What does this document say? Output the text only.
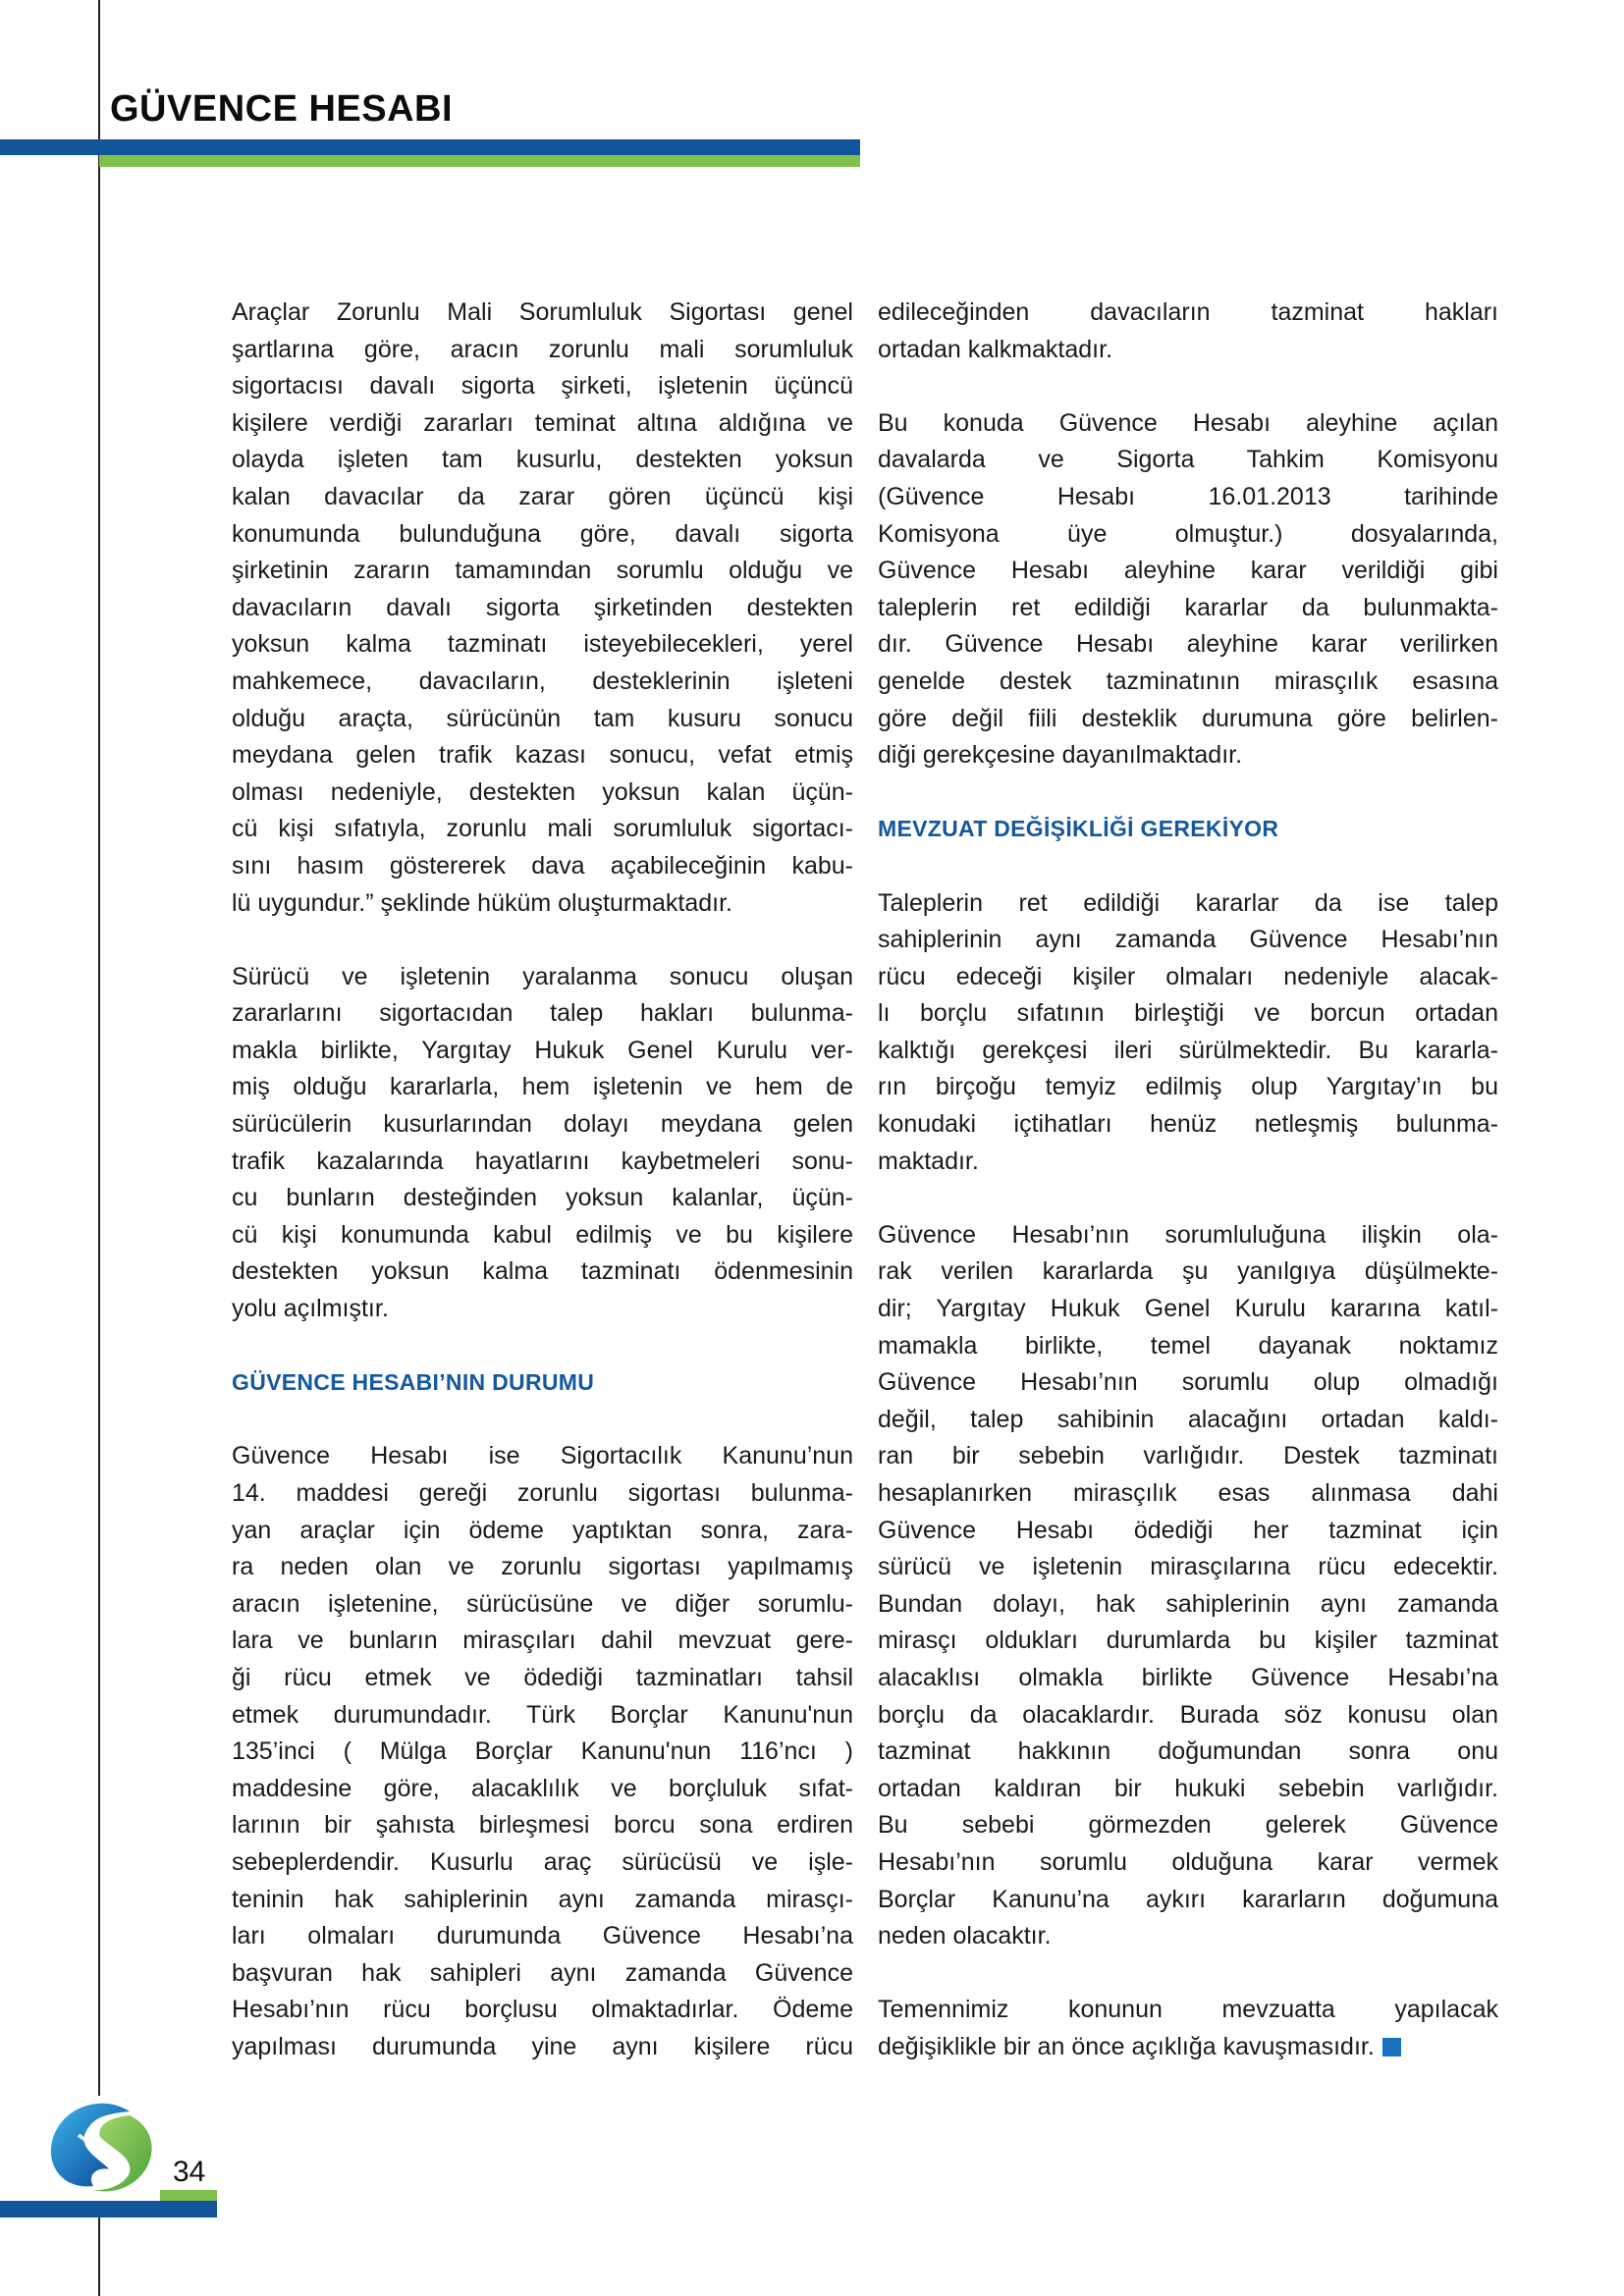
GÜVENCE HESABI
Araçlar Zorunlu Mali Sorumluluk Sigortası genel
şartlarına göre, aracın zorunlu mali sorumluluk
sigortacısı davalı sigorta şirketi, işletenin üçüncü
kişilere verdiği zararları teminat altına aldığına ve
olayda işleten tam kusurlu, destekten yoksun
kalan davacılar da zarar gören üçüncü kişi
konumunda bulunduğuna göre, davalı sigorta
şirketinin zararın tamamından sorumlu olduğu ve
davacıların davalı sigorta şirketinden destekten
yoksun kalma tazminatı isteyebilecekleri, yerel
mahkemece, davacıların, desteklerinin işleteni
olduğu araçta, sürücünün tam kusuru sonucu
meydana gelen trafik kazası sonucu, vefat etmiş
olması nedeniyle, destekten yoksun kalan üçün-
cü kişi sıfatıyla, zorunlu mali sorumluluk sigortacı-
sını hasım göstererek dava açabileceğinin kabu-
lü uygundur.” şeklinde hüküm oluşturmaktadır.
Sürücü ve işletenin yaralanma sonucu oluşan
zararlarını sigortacıdan talep hakları bulunma-
makla birlikte, Yargıtay Hukuk Genel Kurulu ver-
miş olduğu kararlarla, hem işletenin ve hem de
sürücülerin kusurlarından dolayı meydana gelen
trafik kazalarında hayatlarını kaybetmeleri sonu-
cu bunların desteğinden yoksun kalanlar, üçün-
cü kişi konumunda kabul edilmiş ve bu kişilere
destekten yoksun kalma tazminatı ödenmesinin
yolu açılmıştır.
GÜVENCE HESABI’NIN DURUMU
Güvence Hesabı ise Sigortacılık Kanunu’nun
14. maddesi gereği zorunlu sigortası bulunma-
yan araçlar için ödeme yaptıktan sonra, zara-
ra neden olan ve zorunlu sigortası yapılmamış
aracın işletenine, sürücüsüne ve diğer sorumlu-
lara ve bunların mirasçıları dahil mevzuat gere-
ği rücu etmek ve ödediği tazminatları tahsil
etmek durumundadır. Türk Borçlar Kanunu'nun
135’inci ( Mülga Borçlar Kanunu'nun 116’ncı )
maddesine göre, alacaklılık ve borçluluk sıfat-
larının bir şahısta birleşmesi borcu sona erdiren
sebeplerdendir. Kusurlu araç sürücüsü ve işle-
teninin hak sahiplerinin aynı zamanda mirasçı-
ları olmaları durumunda Güvence Hesabı’na
başvuran hak sahipleri aynı zamanda Güvence
Hesabı’nın rücu borçlusu olmaktadırlar. Ödeme
yapılması durumunda yine aynı kişilere rücu
edileceğinden davacıların tazminat hakları
ortadan kalkmaktadır.
Bu konuda Güvence Hesabı aleyhine açılan
davalarda ve Sigorta Tahkim Komisyonu
(Güvence Hesabı 16.01.2013 tarihinde
Komisyona üye olmuştur.) dosyalarında,
Güvence Hesabı aleyhine karar verildiği gibi
taleplerin ret edildiği kararlar da bulunmakta-
dır. Güvence Hesabı aleyhine karar verilirken
genelde destek tazminatının mirasçılık esasına
göre değil fiili desteklik durumuna göre belirlen-
diği gerekçesine dayanılmaktadır.
MEVZUAT DEĞİŞİKLİĞİ GEREKİYOR
Taleplerin ret edildiği kararlar da ise talep
sahiplerinin aynı zamanda Güvence Hesabı’nın
rücu edeceği kişiler olmaları nedeniyle alacak-
lı borçlu sıfatının birleştiği ve borcun ortadan
kalktığı gerekçesi ileri sürülmektedir. Bu kararla-
rın birçoğu temyiz edilmiş olup Yargıtay’ın bu
konudaki içtihatları henüz netleşmiş bulunma-
maktadır.
Güvence Hesabı’nın sorumluluğuna ilişkin ola-
rak verilen kararlarda şu yanılgıya düşülmekte-
dir; Yargıtay Hukuk Genel Kurulu kararına katıl-
mamakla birlikte, temel dayanak noktamız
Güvence Hesabı’nın sorumlu olup olmadığı
değil, talep sahibinin alacağını ortadan kaldı-
ran bir sebebin varlığıdır. Destek tazminatı
hesaplanırken mirasçılık esas alınmasa dahi
Güvence Hesabı ödediği her tazminat için
sürücü ve işletenin mirasçılarına rücu edecektir.
Bundan dolayı, hak sahiplerinin aynı zamanda
mirasçı oldukları durumlarda bu kişiler tazminat
alacaklısı olmakla birlikte Güvence Hesabı’na
borçlu da olacaklardır. Burada söz konusu olan
tazminat hakkının doğumundan sonra onu
ortadan kaldıran bir hukuki sebebin varlığıdır.
Bu sebebi görmezden gelerek Güvence
Hesabı’nın sorumlu olduğuna karar vermek
Borçlar Kanunu’na aykırı kararların doğumuna
neden olacaktır.
Temennimiz konunun mevzuatta yapılacak
değişiklikle bir an önce açıklığa kavuşmasıdır.
34
